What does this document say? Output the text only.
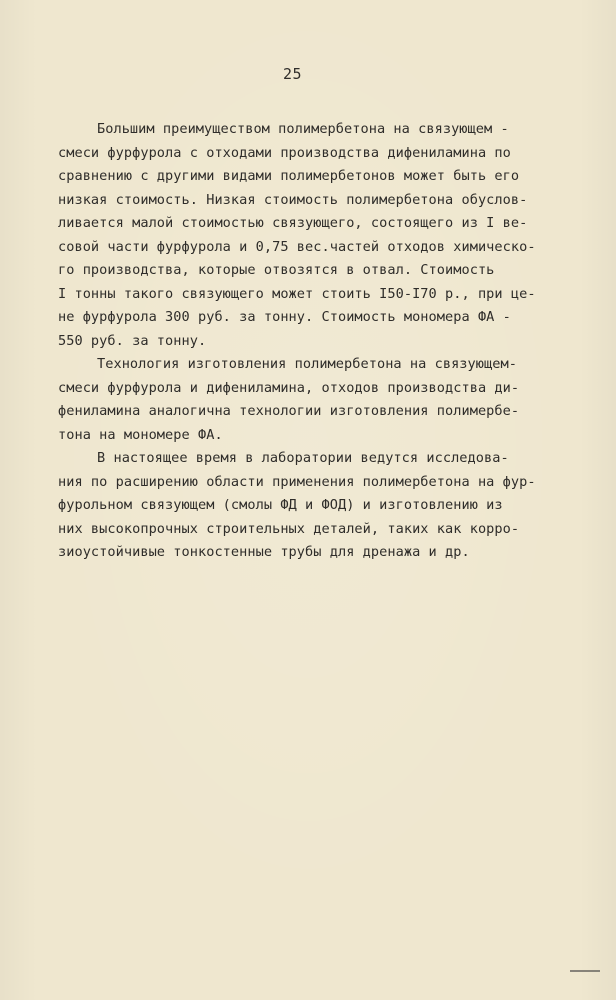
25
Большим преимуществом полимербетона на связующем -
смеси фурфурола с отходами производства дифениламина по
сравнению с другими видами полимербетонов может быть его
низкая стоимость. Низкая стоимость полимербетона обуслов-
ливается малой стоимостью связующего, состоящего из I ве-
совой части фурфурола и 0,75 вес.частей отходов химическо-
го производства, которые отвозятся в отвал. Стоимость
I тонны такого связующего может стоить I50-I70 р., при це-
не фурфурола 300 руб. за тонну. Стоимость мономера ФА -
550 руб. за тонну.
Технология изготовления полимербетона на связующем-
смеси фурфурола и дифениламина, отходов производства ди-
фениламина аналогична технологии изготовления полимербе-
тона на мономере ФА.
В настоящее время в лаборатории ведутся исследова-
ния по расширению области применения полимербетона на фур-
фурольном связующем (смолы ФД и ФОД) и изготовлению из
них высокопрочных строительных деталей, таких как корро-
зиоустойчивые тонкостенные трубы для дренажа и др.
